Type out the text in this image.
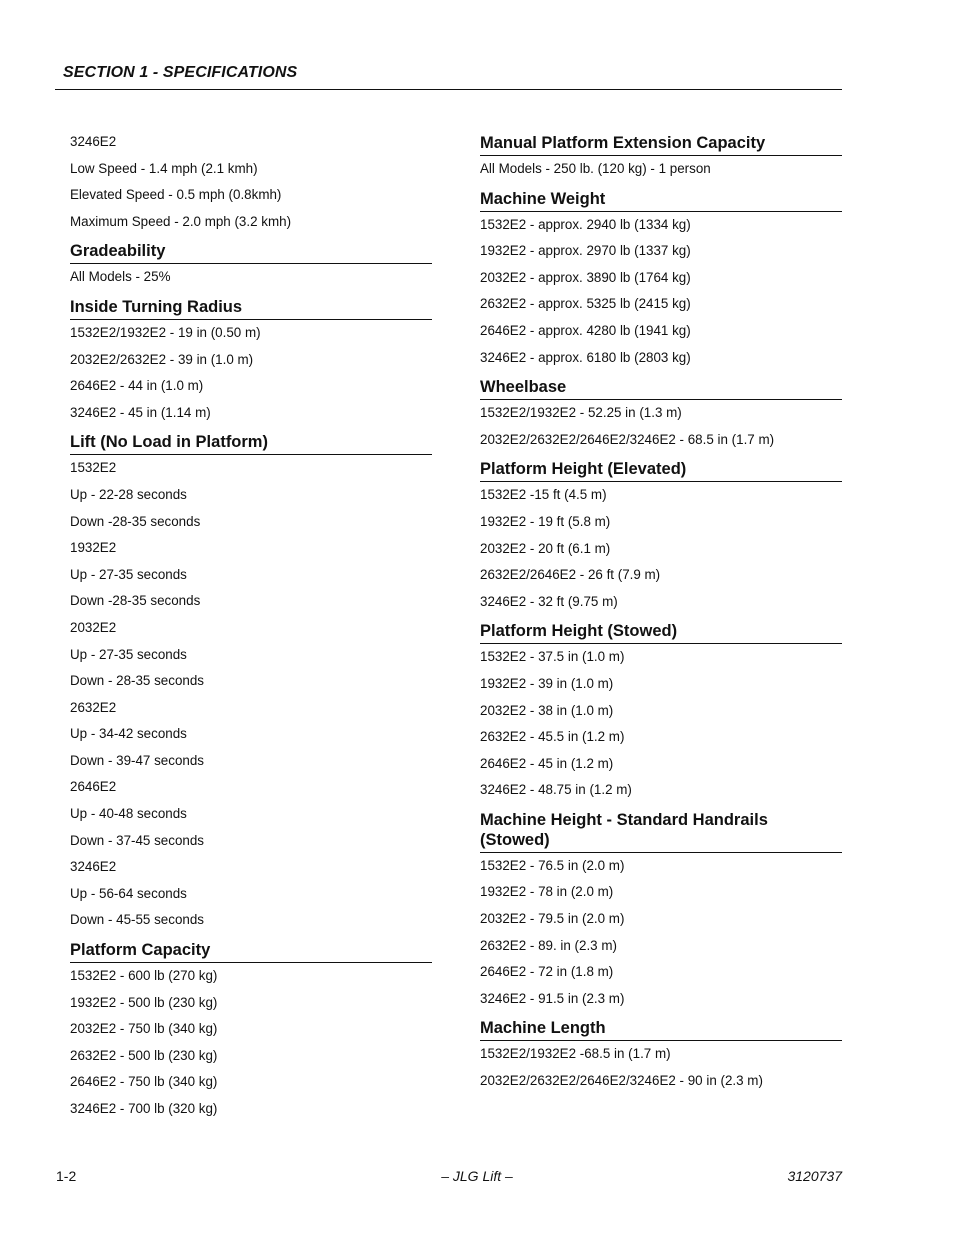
SECTION 1 - SPECIFICATIONS
3246E2
Low Speed - 1.4 mph (2.1 kmh)
Elevated Speed - 0.5 mph (0.8kmh)
Maximum Speed - 2.0 mph (3.2 kmh)
Gradeability
All Models - 25%
Inside Turning Radius
1532E2/1932E2 - 19 in (0.50 m)
2032E2/2632E2 - 39 in (1.0 m)
2646E2 - 44 in (1.0 m)
3246E2 - 45 in (1.14 m)
Lift (No Load in Platform)
1532E2
Up - 22-28 seconds
Down -28-35 seconds
1932E2
Up - 27-35 seconds
Down -28-35 seconds
2032E2
Up - 27-35 seconds
Down - 28-35 seconds
2632E2
Up - 34-42 seconds
Down - 39-47 seconds
2646E2
Up - 40-48 seconds
Down - 37-45 seconds
3246E2
Up - 56-64 seconds
Down - 45-55 seconds
Platform Capacity
1532E2 - 600 lb (270 kg)
1932E2 - 500 lb (230 kg)
2032E2 - 750 lb (340 kg)
2632E2 - 500 lb (230 kg)
2646E2 - 750 lb (340 kg)
3246E2 - 700 lb (320 kg)
Manual Platform Extension Capacity
All Models - 250 lb. (120 kg) - 1 person
Machine Weight
1532E2 - approx. 2940 lb (1334 kg)
1932E2 - approx. 2970 lb (1337 kg)
2032E2 - approx. 3890 lb (1764 kg)
2632E2 - approx. 5325 lb (2415 kg)
2646E2 - approx. 4280 lb (1941 kg)
3246E2 - approx. 6180 lb (2803 kg)
Wheelbase
1532E2/1932E2 - 52.25 in (1.3 m)
2032E2/2632E2/2646E2/3246E2 - 68.5 in (1.7 m)
Platform Height (Elevated)
1532E2 -15 ft (4.5 m)
1932E2 - 19 ft (5.8 m)
2032E2 - 20 ft (6.1 m)
2632E2/2646E2 - 26 ft (7.9 m)
3246E2 - 32 ft (9.75 m)
Platform Height (Stowed)
1532E2 - 37.5 in (1.0 m)
1932E2 - 39 in (1.0 m)
2032E2 - 38 in (1.0 m)
2632E2 - 45.5 in (1.2 m)
2646E2 - 45 in (1.2 m)
3246E2 - 48.75 in (1.2 m)
Machine Height - Standard Handrails
(Stowed)
1532E2 - 76.5 in (2.0 m)
1932E2 - 78 in (2.0 m)
2032E2 - 79.5 in (2.0 m)
2632E2 - 89. in (2.3 m)
2646E2 - 72 in (1.8 m)
3246E2 - 91.5 in (2.3 m)
Machine Length
1532E2/1932E2 -68.5 in (1.7 m)
2032E2/2632E2/2646E2/3246E2 - 90 in (2.3 m)
1-2	– JLG Lift –	3120737
